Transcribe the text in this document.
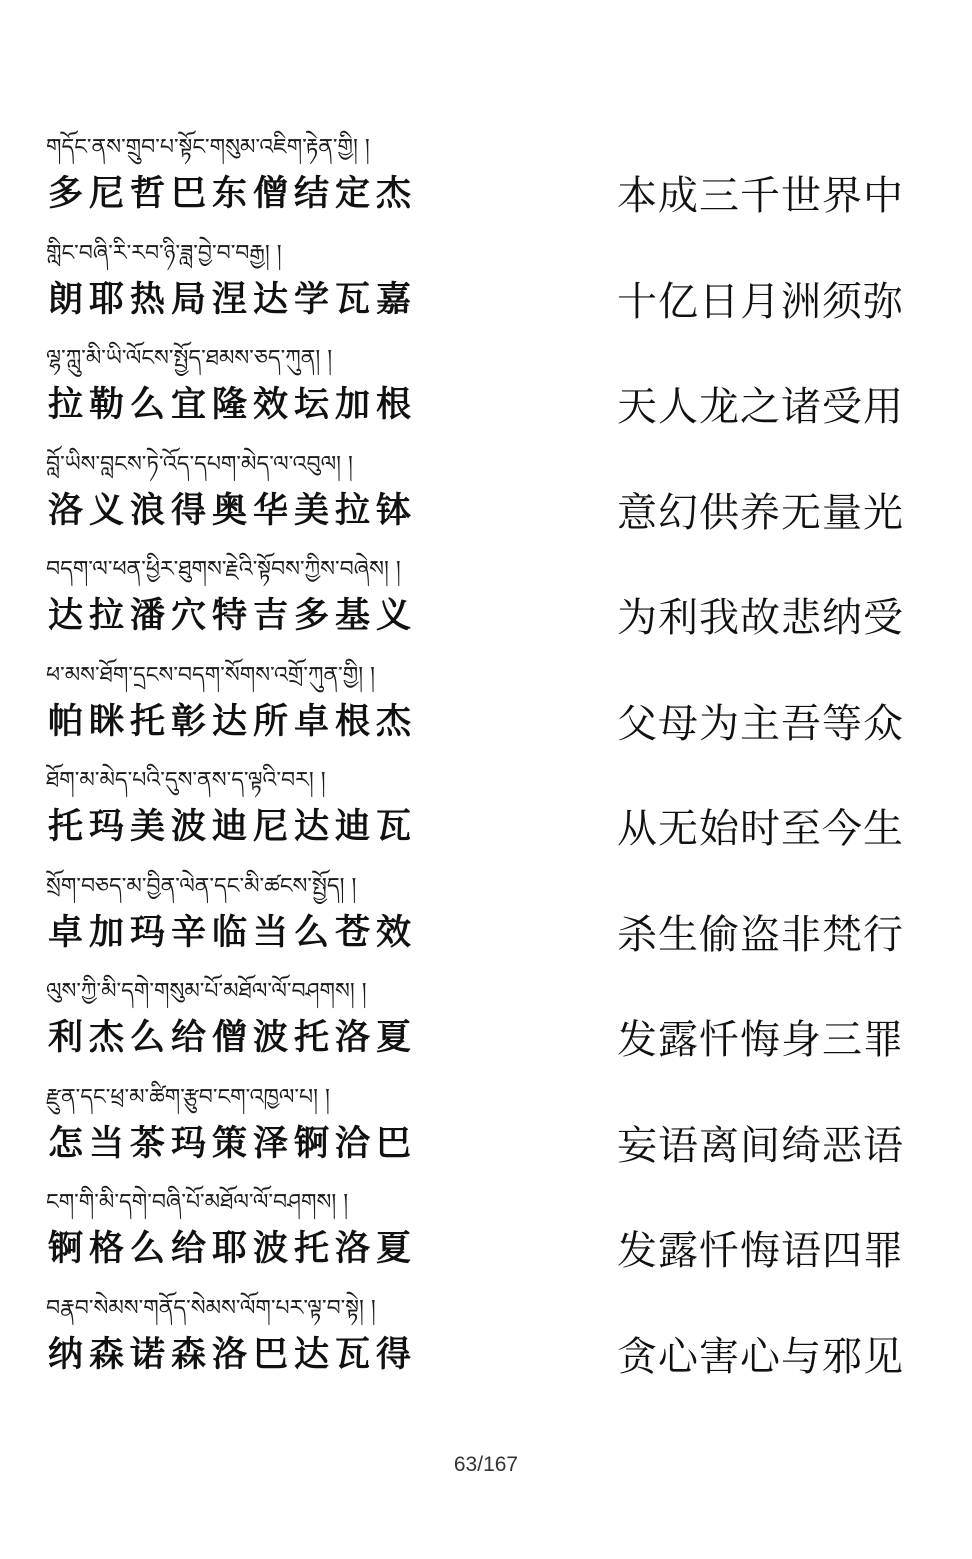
གདོང་ནས་གྲུབ་པ་སྟོང་གསུམ་འཇིག་རྟེན་གྱི། །
多尼哲巴东僧结定杰	本成三千世界中
གླིང་བཞི་རི་རབ་ཉི་ཟླ་བྱེ་བ་བརྒྱ། །
朗耶热局涅达学瓦嘉	十亿日月洲须弥
ལྷ་ཀླུ་མི་ཡི་ལོངས་སྤྱོད་ཐམས་ཅད་ཀུན། །
拉勒么宜隆效坛加根	天人龙之诸受用
བློ་ཡིས་བླངས་ཏེ་འོད་དཔག་མེད་ལ་འབུལ། །
洛义浪得奥华美拉钵	意幻供养无量光
བདག་ལ་ཕན་ཕྱིར་ཐུགས་རྗེའི་སྟོབས་ཀྱིས་བཞེས། །
达拉潘穴特吉多基义	为利我故悲纳受
ཕ་མས་ཐོག་དྲངས་བདག་སོགས་འགྲོ་ཀུན་གྱི། །
帕眯托彰达所卓根杰	父母为主吾等众
ཐོག་མ་མེད་པའི་དུས་ནས་ད་ལྟའི་བར། །
托玛美波迪尼达迪瓦	从无始时至今生
སྲོག་བཅད་མ་བྱིན་ལེན་དང་མི་ཚངས་སྤྱོད། །
卓加玛辛临当么苍效	杀生偷盗非梵行
ལུས་ཀྱི་མི་དགེ་གསུམ་པོ་མཐོལ་ལོ་བཤགས། །
利杰么给僧波托洛夏	发露忏悔身三罪
རྫུན་དང་ཕྲ་མ་ཚིག་རྩུབ་ངག་འཁྱལ་པ། །
怎当茶玛策泽锕洽巴	妄语离间绮恶语
ངག་གི་མི་དགེ་བཞི་པོ་མཐོལ་ལོ་བཤགས། །
锕格么给耶波托洛夏	发露忏悔语四罪
བརྣབ་སེམས་གནོད་སེམས་ལོག་པར་ལྟ་བ་སྟེ། །
纳森诺森洛巴达瓦得	贪心害心与邪见
63/167
